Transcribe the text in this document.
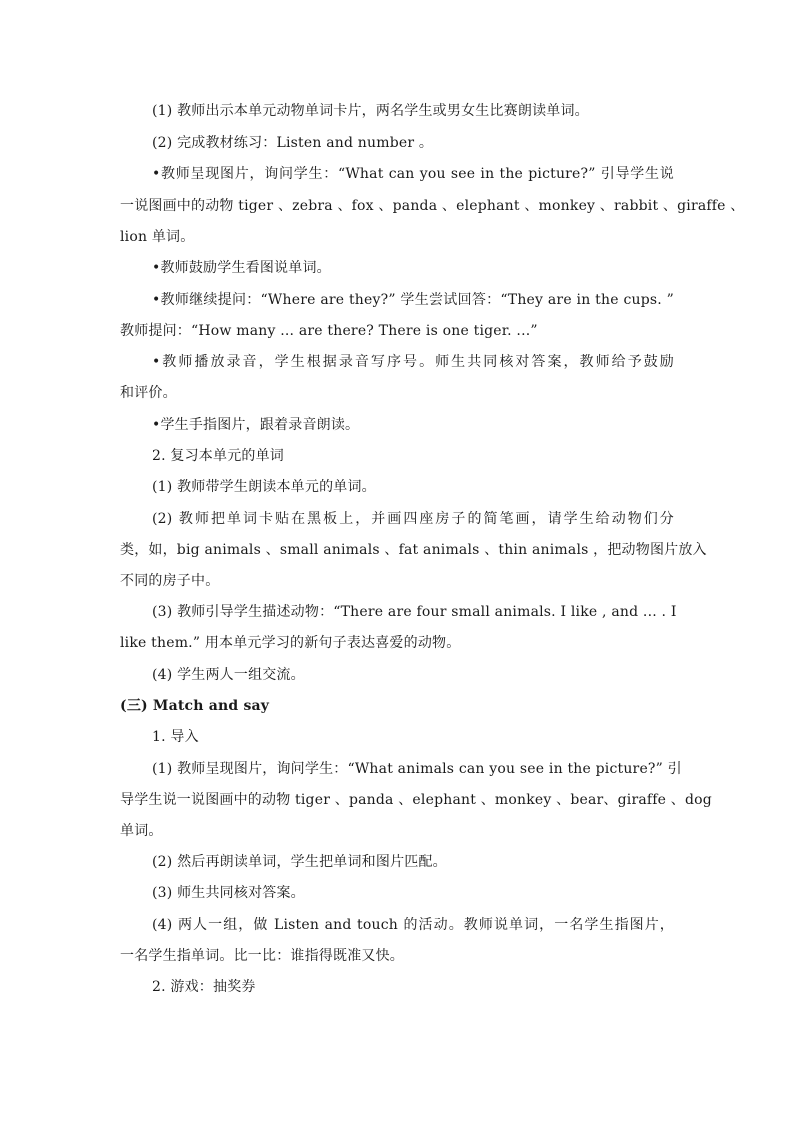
(1) 教师出示本单元动物单词卡片，两名学生或男女生比赛朗读单词。
(2) 完成教材练习：Listen and number 。
•教师呈现图片，询问学生：“What can you see in the picture?” 引导学生说
一说图画中的动物 tiger 、zebra 、fox 、panda 、elephant 、monkey 、rabbit 、giraffe 、
lion 单词。
•教师鼓励学生看图说单词。
•教师继续提问：“Where are they?” 学生尝试回答：“They are in the cups. ”
教师提问：“How many ... are there? There is one tiger. ...”
•教师播放录音，学生根据录音写序号。师生共同核对答案，教师给予鼓励
和评价。
•学生手指图片，跟着录音朗读。
2. 复习本单元的单词
(1) 教师带学生朗读本单元的单词。
(2) 教师把单词卡贴在黑板上，并画四座房子的简笔画，请学生给动物们分
类，如，big animals 、small animals 、fat animals 、thin animals ，把动物图片放入
不同的房子中。
(3) 教师引导学生描述动物：“There are four small animals. I like , and ... . I
like them.” 用本单元学习的新句子表达喜爱的动物。
(4) 学生两人一组交流。
(三) Match and say
1. 导入
(1) 教师呈现图片，询问学生：“What animals can you see in the picture?” 引
导学生说一说图画中的动物 tiger 、panda 、elephant 、monkey 、bear、giraffe 、dog
单词。
(2) 然后再朗读单词，学生把单词和图片匹配。
(3) 师生共同核对答案。
(4) 两人一组，做 Listen and touch 的活动。教师说单词，一名学生指图片，
一名学生指单词。比一比：谁指得既准又快。
2. 游戏：抽奖券
